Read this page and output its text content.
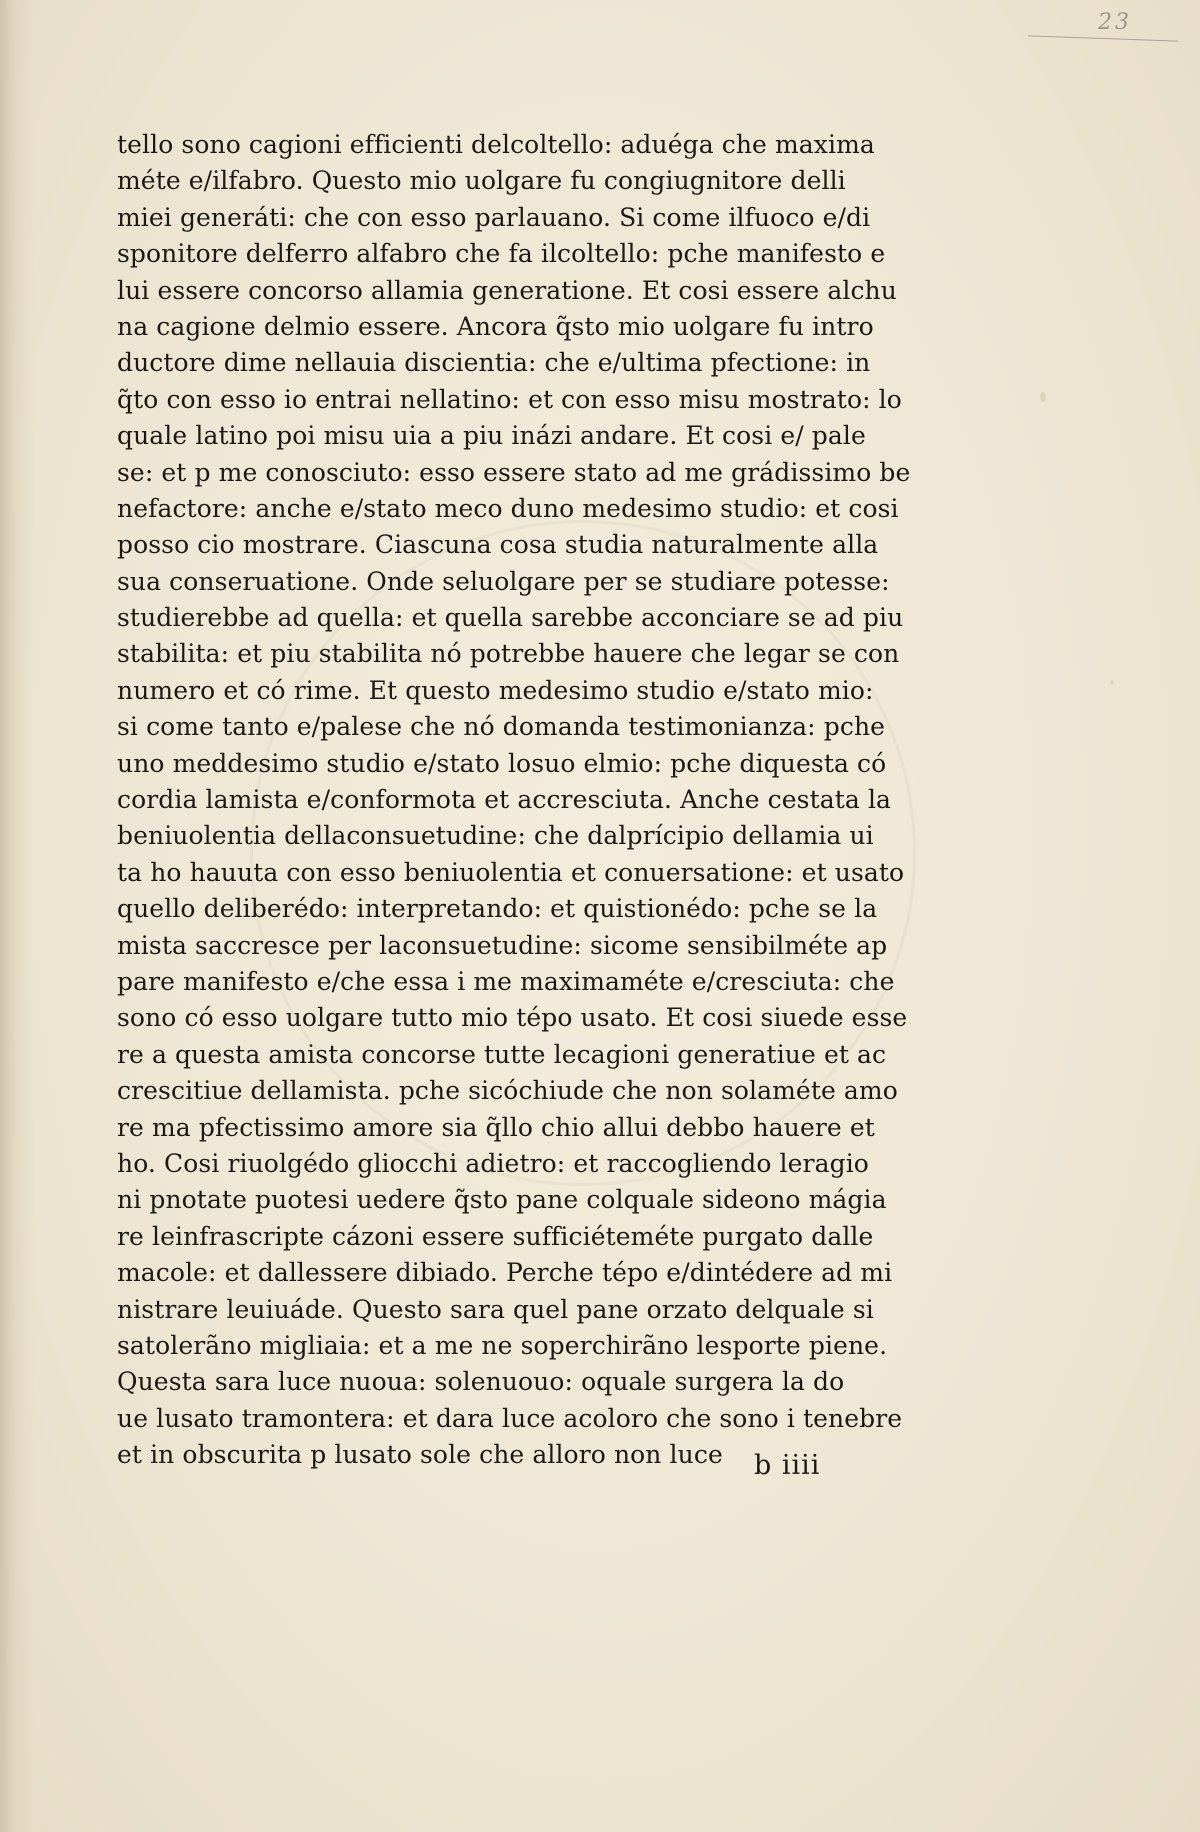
23
tello sono cagioni efficienti delcoltello: aduéga che maxima
méte e/ilfabro. Questo mio uolgare fu congiugnitore delli
miei generáti: che con esso parlauano. Si come ilfuoco e/di
sponitore delferro alfabro che fa ilcoltello: pche manifesto e
lui essere concorso allamia generatione. Et cosi essere alchu
na cagione delmio essere. Ancora q̃sto mio uolgare fu intro
ductore dime nellauia discientia: che e/ultima pfectione: in
q̃to con esso io entrai nellatino: et con esso misu mostrato: lo
quale latino poi misu uia a piu inázi andare. Et cosi e/ pale
se: et p me conosciuto: esso essere stato ad me grádissimo be
nefactore: anche e/stato meco duno medesimo studio: et cosi
posso cio mostrare. Ciascuna cosa studia naturalmente alla
sua conseruatione. Onde seluolgare per se studiare potesse:
studierebbe ad quella: et quella sarebbe acconciare se ad piu
stabilita: et piu stabilita nó potrebbe hauere che legar se con
numero et có rime. Et questo medesimo studio e/stato mio:
si come tanto e/palese che nó domanda testimonianza: pche
uno meddesimo studio e/stato losuo elmio: pche diquesta có
cordia lamista e/conformota et accresciuta. Anche cestata la
beniuolentia dellaconsuetudine: che dalprícipio dellamia ui
ta ho hauuta con esso beniuolentia et conuersatione: et usato
quello deliberédo: interpretando: et quistionédo: pche se la
mista saccresce per laconsuetudine: sicome sensibilméte ap
pare manifesto e/che essa i me maximaméte e/cresciuta: che
sono có esso uolgare tutto mio tépo usato. Et cosi siuede esse
re a questa amista concorse tutte lecagioni generatiue et ac
crescitiue dellamista. pche sicóchiude che non solaméte amo
re ma pfectissimo amore sia q̃llo chio allui debbo hauere et
ho. Cosi riuolgédo gliocchi adietro: et raccogliendo leragio
ni pnotate puotesi uedere q̃sto pane colquale sideono mágia
re leinfrascripte cázoni essere sufficiéteméte purgato dalle
macole: et dallessere dibiado. Perche tépo e/dintédere ad mi
nistrare leuiuáde. Questo sara quel pane orzato delquale si
satolerãno migliaia: et a me ne soperchirãno lesporte piene.
Questa sara luce nuoua: solenuouo: oquale surgera la do
ue lusato tramontera: et dara luce acoloro che sono i tenebre
et in obscurita p lusato sole che alloro non luce	b iiii
